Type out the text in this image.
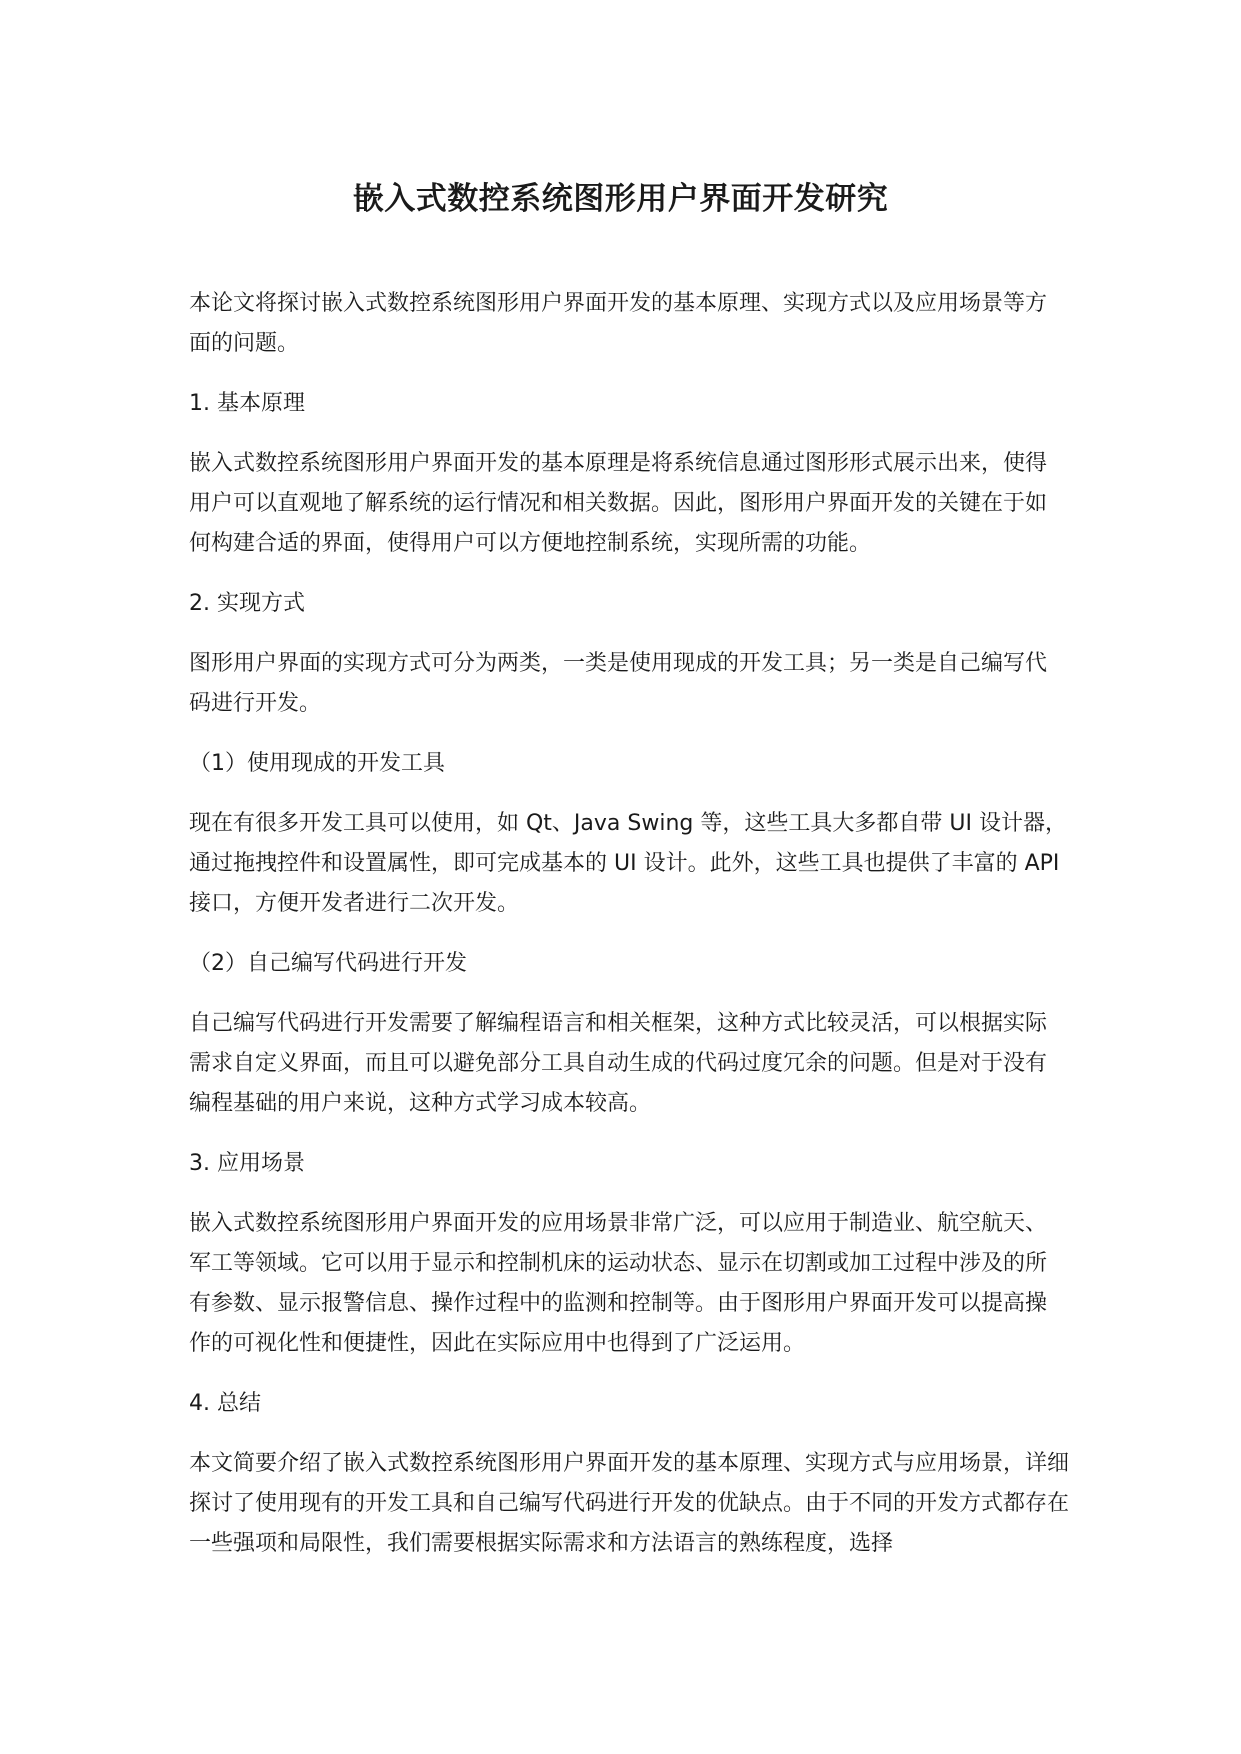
嵌入式数控系统图形用户界面开发研究

本论文将探讨嵌入式数控系统图形用户界面开发的基本原理、实现方式以及应用场景等方面的问题。

1. 基本原理

嵌入式数控系统图形用户界面开发的基本原理是将系统信息通过图形形式展示出来，使得用户可以直观地了解系统的运行情况和相关数据。因此，图形用户界面开发的关键在于如何构建合适的界面，使得用户可以方便地控制系统，实现所需的功能。

2. 实现方式

图形用户界面的实现方式可分为两类，一类是使用现成的开发工具；另一类是自己编写代码进行开发。

（1）使用现成的开发工具

现在有很多开发工具可以使用，如 Qt、Java Swing 等，这些工具大多都自带 UI 设计器，通过拖拽控件和设置属性，即可完成基本的 UI 设计。此外，这些工具也提供了丰富的 API 接口，方便开发者进行二次开发。

（2）自己编写代码进行开发

自己编写代码进行开发需要了解编程语言和相关框架，这种方式比较灵活，可以根据实际需求自定义界面，而且可以避免部分工具自动生成的代码过度冗余的问题。但是对于没有编程基础的用户来说，这种方式学习成本较高。

3. 应用场景

嵌入式数控系统图形用户界面开发的应用场景非常广泛，可以应用于制造业、航空航天、军工等领域。它可以用于显示和控制机床的运动状态、显示在切割或加工过程中涉及的所有参数、显示报警信息、操作过程中的监测和控制等。由于图形用户界面开发可以提高操作的可视化性和便捷性，因此在实际应用中也得到了广泛运用。

4. 总结

本文简要介绍了嵌入式数控系统图形用户界面开发的基本原理、实现方式与应用场景，详细探讨了使用现有的开发工具和自己编写代码进行开发的优缺点。由于不同的开发方式都存在一些强项和局限性，我们需要根据实际需求和方法语言的熟练程度，选择
